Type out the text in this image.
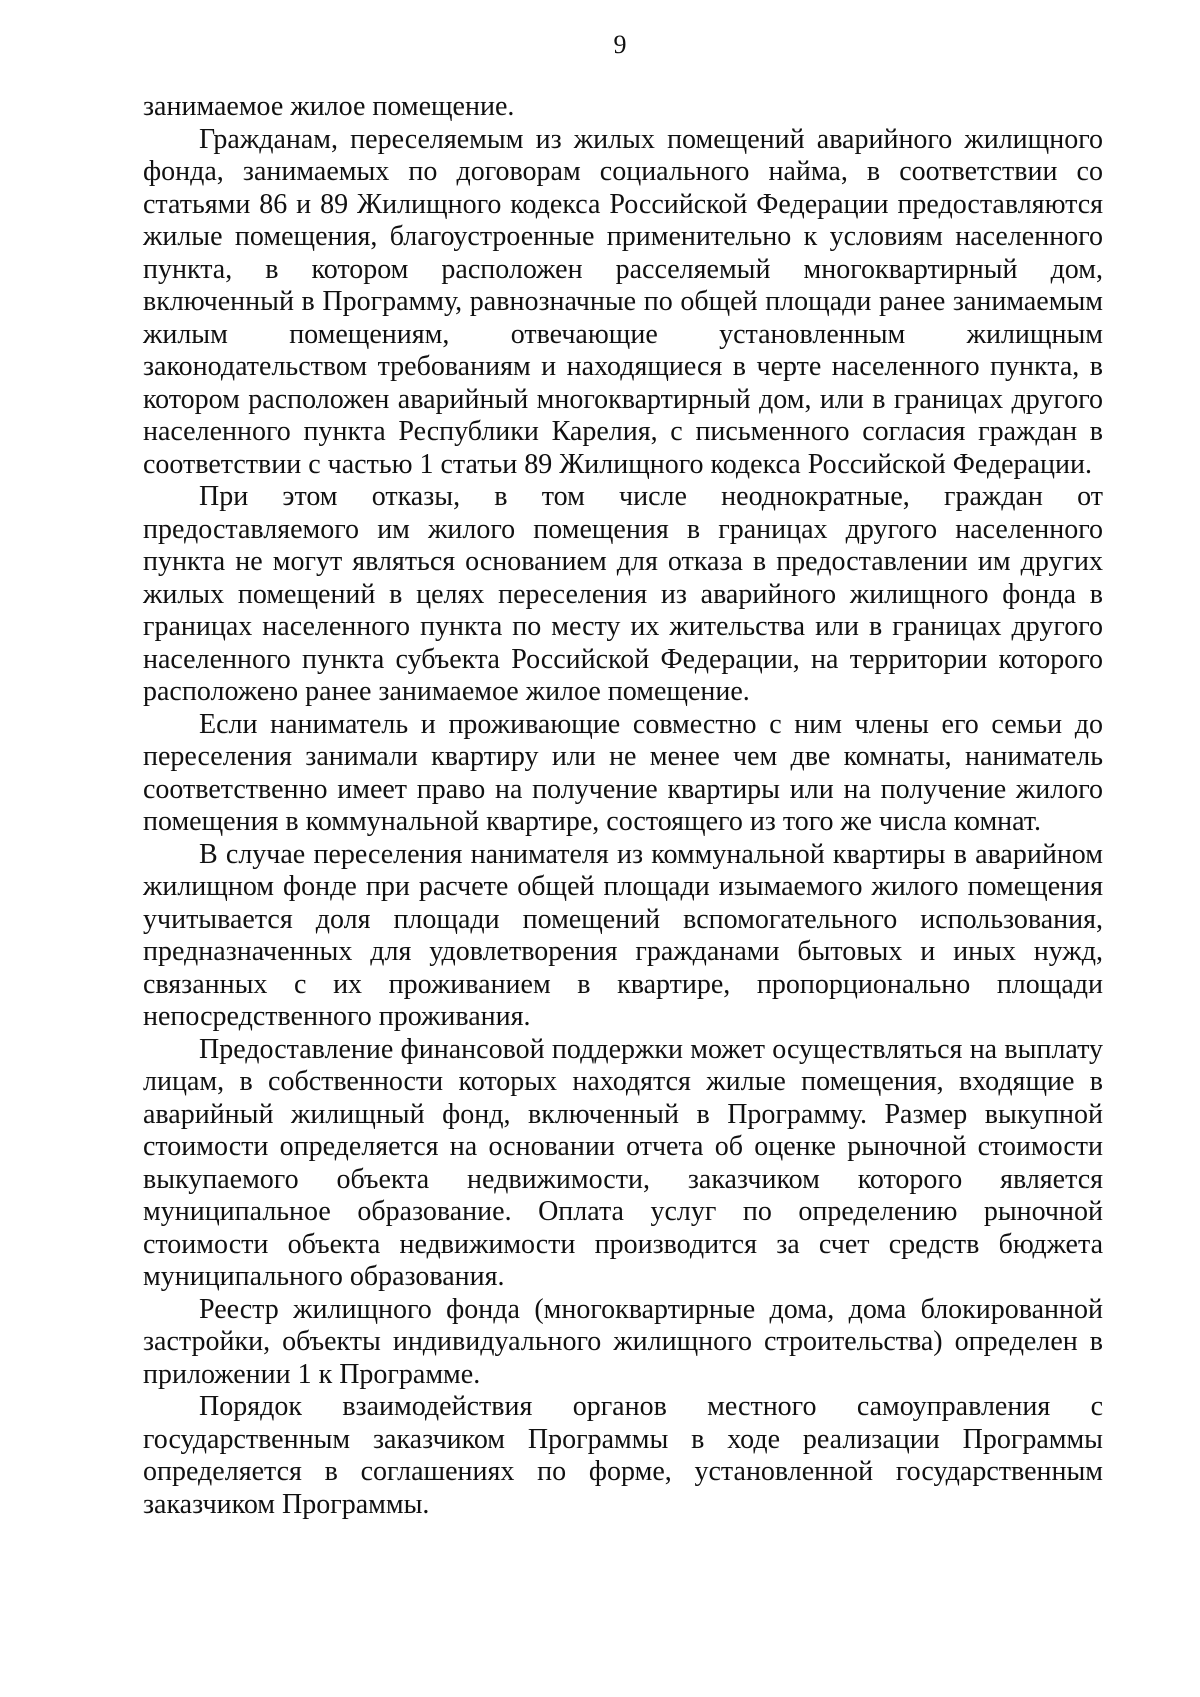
9

занимаемое жилое помещение.

Гражданам, переселяемым из жилых помещений аварийного жилищного фонда, занимаемых по договорам социального найма, в соответствии со статьями 86 и 89 Жилищного кодекса Российской Федерации предоставляются жилые помещения, благоустроенные применительно к условиям населенного пункта, в котором расположен расселяемый многоквартирный дом, включенный в Программу, равнозначные по общей площади ранее занимаемым жилым помещениям, отвечающие установленным жилищным законодательством требованиям и находящиеся в черте населенного пункта, в котором расположен аварийный многоквартирный дом, или в границах другого населенного пункта Республики Карелия, с письменного согласия граждан в соответствии с частью 1 статьи 89 Жилищного кодекса Российской Федерации.

При этом отказы, в том числе неоднократные, граждан от предоставляемого им жилого помещения в границах другого населенного пункта не могут являться основанием для отказа в предоставлении им других жилых помещений в целях переселения из аварийного жилищного фонда в границах населенного пункта по месту их жительства или в границах другого населенного пункта субъекта Российской Федерации, на территории которого расположено ранее занимаемое жилое помещение.

Если наниматель и проживающие совместно с ним члены его семьи до переселения занимали квартиру или не менее чем две комнаты, наниматель соответственно имеет право на получение квартиры или на получение жилого помещения в коммунальной квартире, состоящего из того же числа комнат.

В случае переселения нанимателя из коммунальной квартиры в аварийном жилищном фонде при расчете общей площади изымаемого жилого помещения учитывается доля площади помещений вспомогательного использования, предназначенных для удовлетворения гражданами бытовых и иных нужд, связанных с их проживанием в квартире, пропорционально площади непосредственного проживания.

Предоставление финансовой поддержки может осуществляться на выплату лицам, в собственности которых находятся жилые помещения, входящие в аварийный жилищный фонд, включенный в Программу. Размер выкупной стоимости определяется на основании отчета об оценке рыночной стоимости выкупаемого объекта недвижимости, заказчиком которого является муниципальное образование. Оплата услуг по определению рыночной стоимости объекта недвижимости производится за счет средств бюджета муниципального образования.

Реестр жилищного фонда (многоквартирные дома, дома блокированной застройки, объекты индивидуального жилищного строительства) определен в приложении 1 к Программе.

Порядок взаимодействия органов местного самоуправления с государственным заказчиком Программы в ходе реализации Программы определяется в соглашениях по форме, установленной государственным заказчиком Программы.
